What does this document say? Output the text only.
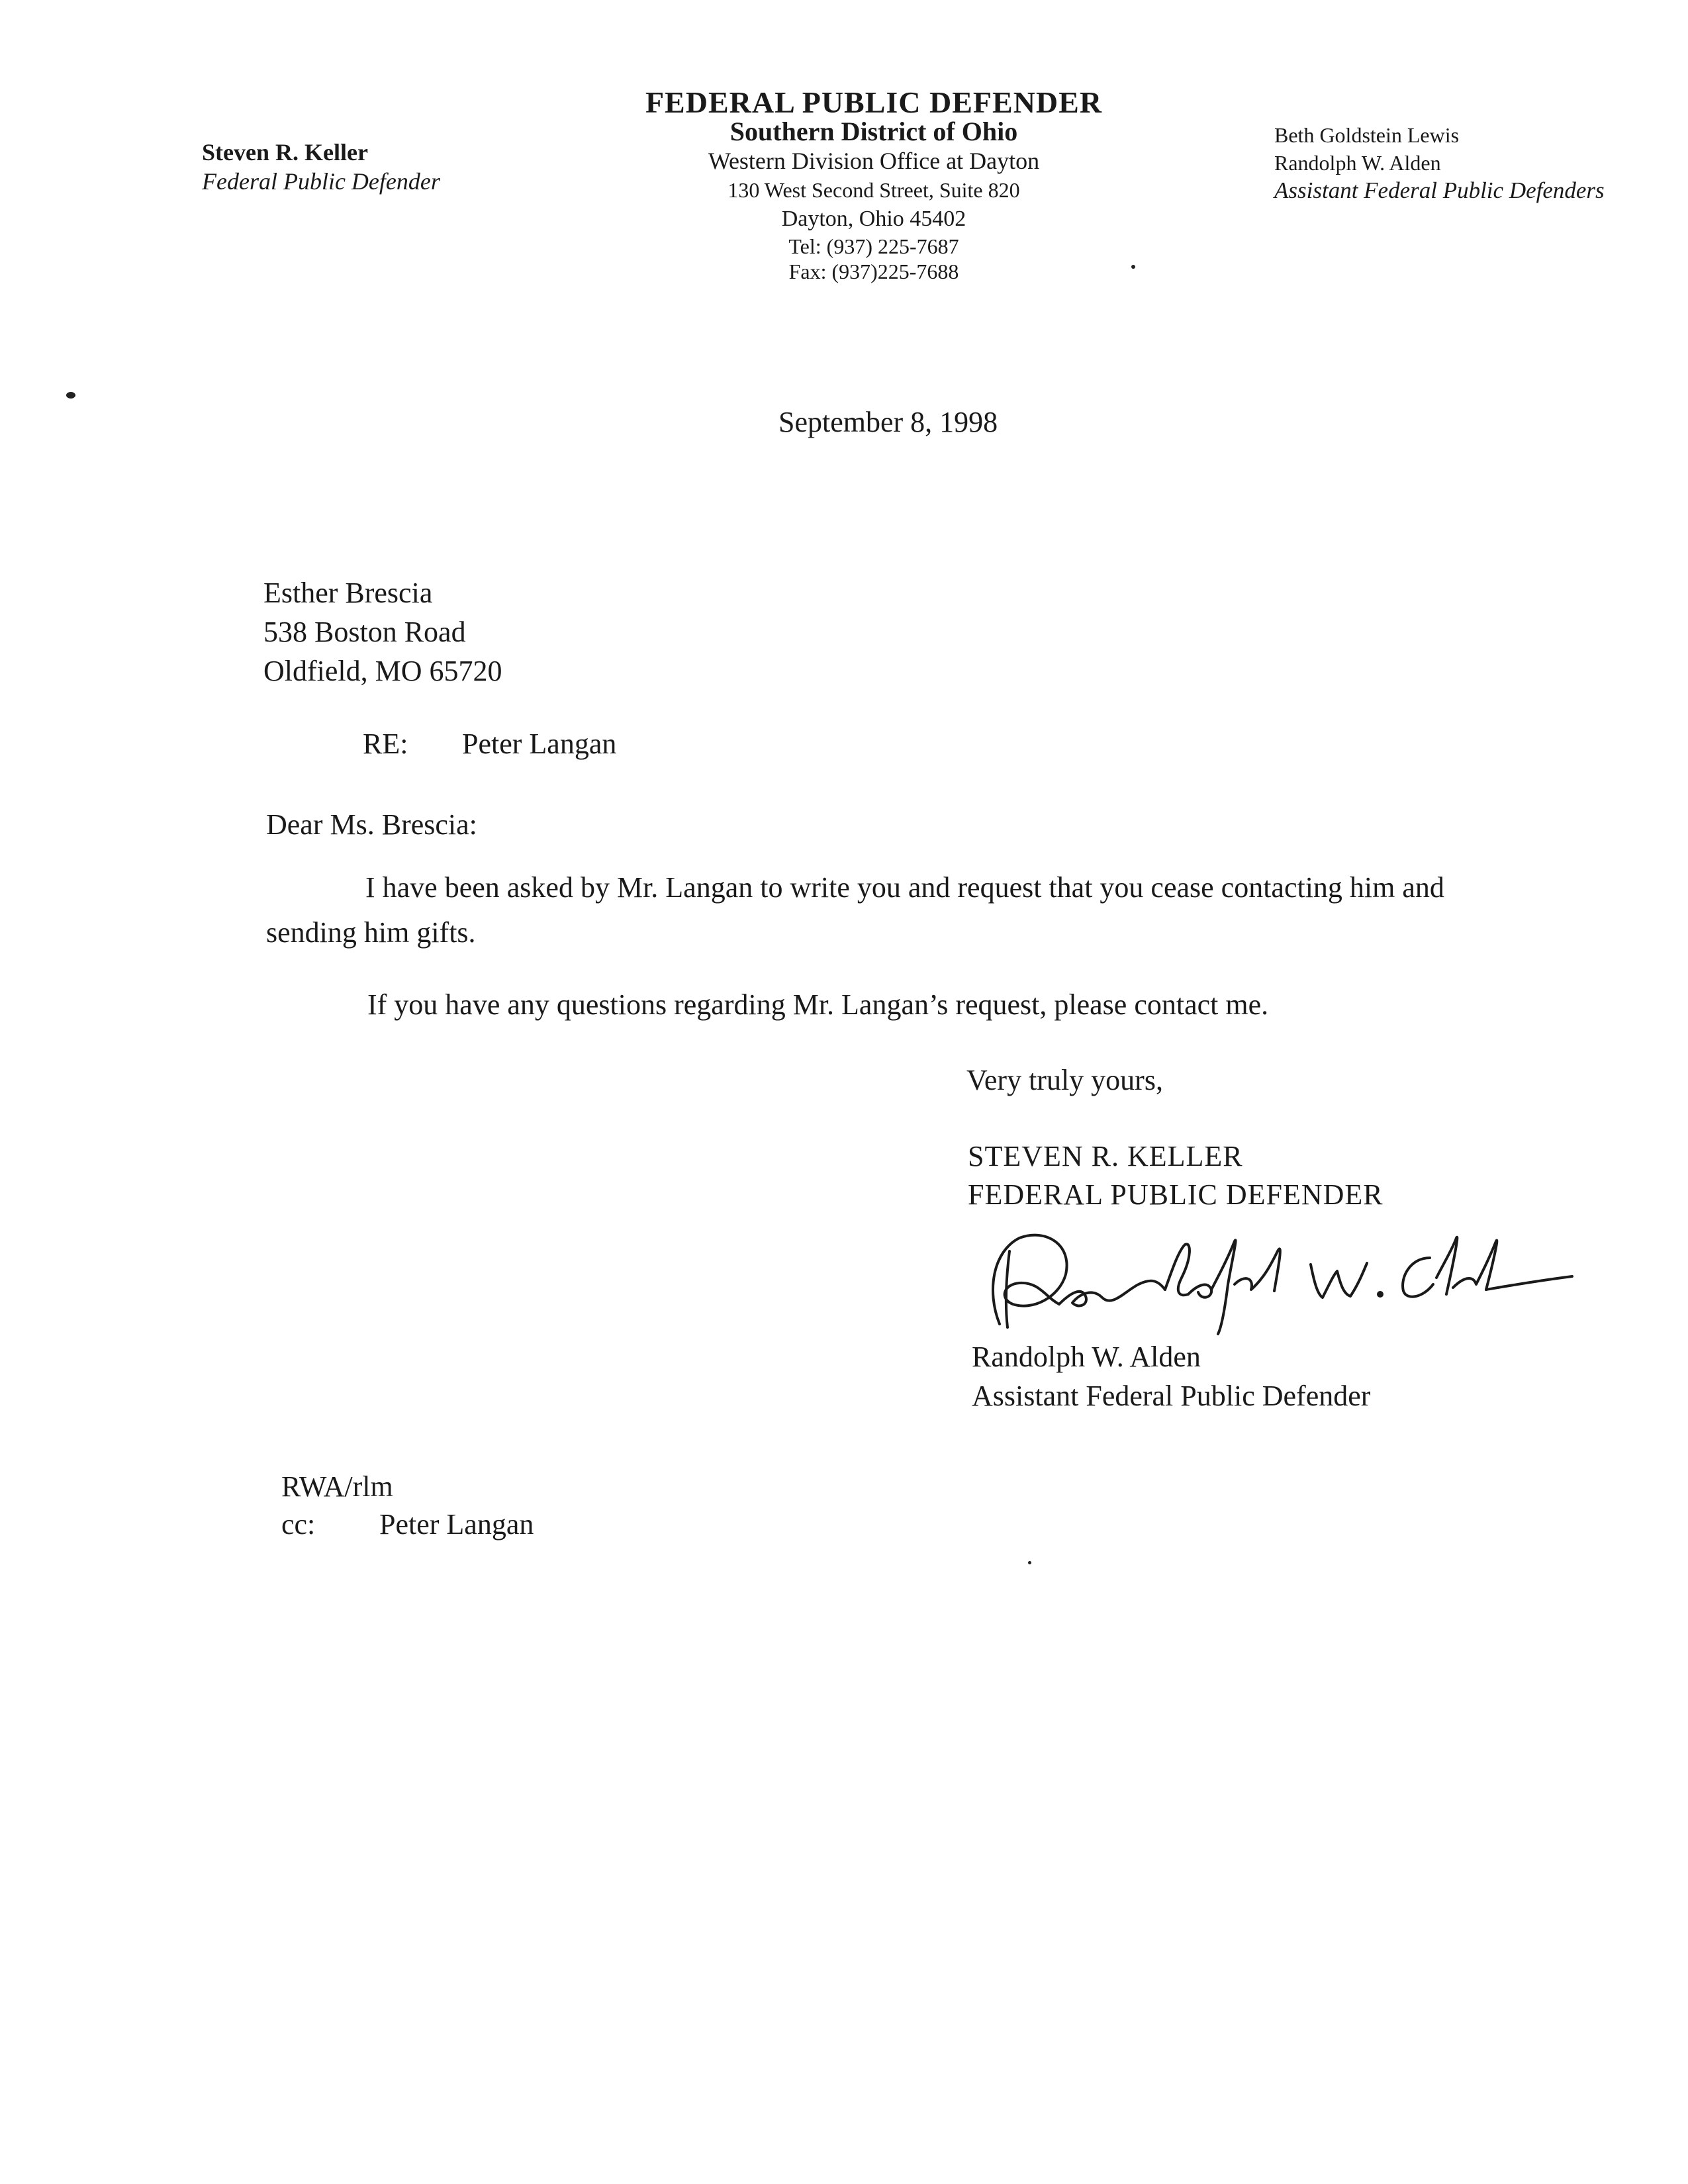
Steven R. Keller
Federal Public Defender
FEDERAL PUBLIC DEFENDER
Southern District of Ohio
Western Division Office at Dayton
130 West Second Street, Suite 820
Dayton, Ohio 45402
Tel: (937) 225-7687
Fax: (937)225-7688
Beth Goldstein Lewis
Randolph W. Alden
Assistant Federal Public Defenders
September 8, 1998
Esther Brescia
538 Boston Road
Oldfield, MO 65720
RE: Peter Langan
Dear Ms. Brescia:
I have been asked by Mr. Langan to write you and request that you cease contacting him and
sending him gifts.
If you have any questions regarding Mr. Langan’s request, please contact me.
Very truly yours,
STEVEN R. KELLER
FEDERAL PUBLIC DEFENDER
Randolph W. Alden
Assistant Federal Public Defender
RWA/rlm
cc: Peter Langan
